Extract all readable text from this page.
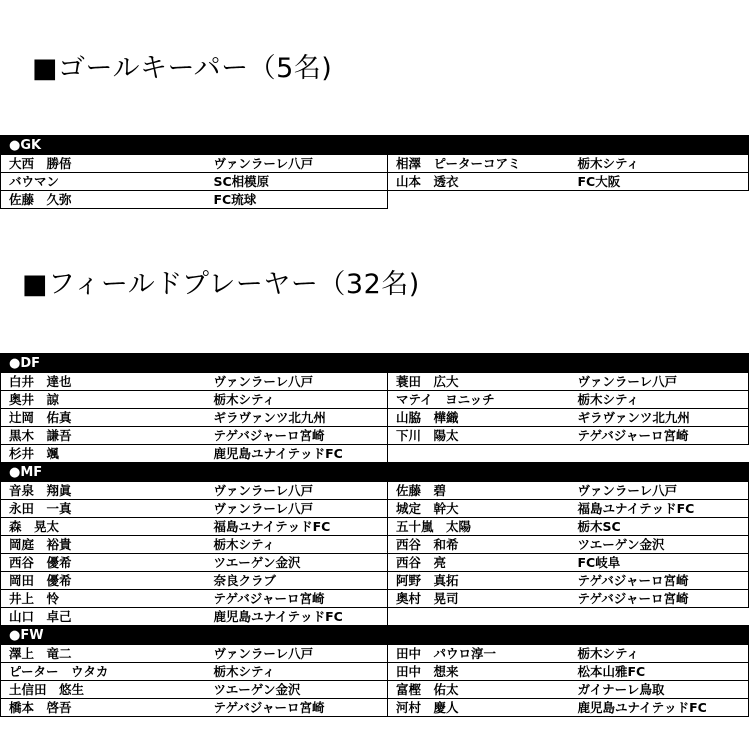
■ゴールキーパー（5名)
●GK			
大西　勝俉	ヴァンラーレ八戸	相澤　ピーターコアミ	栃木シティ
バウマン	SC相模原	山本　透衣	FC大阪
佐藤　久弥	FC琉球		
■フィールドプレーヤー（32名)
●DF			
白井　達也	ヴァンラーレ八戸	蓑田　広大	ヴァンラーレ八戸
奥井　諒	栃木シティ	マテイ　ヨニッチ	栃木シティ
辻岡　佑真	ギラヴァンツ北九州	山脇　樺織	ギラヴァンツ北九州
黒木　謙吾	テゲバジャーロ宮崎	下川　陽太	テゲバジャーロ宮崎
杉井　颯	鹿児島ユナイテッドFC		
●MF			
音泉　翔眞	ヴァンラーレ八戸	佐藤　碧	ヴァンラーレ八戸
永田　一真	ヴァンラーレ八戸	城定　幹大	福島ユナイテッドFC
森　晃太	福島ユナイテッドFC	五十嵐　太陽	栃木SC
岡庭　裕貴	栃木シティ	西谷　和希	ツエーゲン金沢
西谷　優希	ツエーゲン金沢	西谷　亮	FC岐阜
岡田　優希	奈良クラブ	阿野　真拓	テゲバジャーロ宮崎
井上　怜	テゲバジャーロ宮崎	奥村　晃司	テゲバジャーロ宮崎
山口　卓己	鹿児島ユナイテッドFC		
●FW			
澤上　竜二	ヴァンラーレ八戸	田中　パウロ淳一	栃木シティ
ピーター　ウタカ	栃木シティ	田中　想来	松本山雅FC
土信田　悠生	ツエーゲン金沢	富樫　佑太	ガイナーレ鳥取
橋本　啓吾	テゲバジャーロ宮崎	河村　慶人	鹿児島ユナイテッドFC
